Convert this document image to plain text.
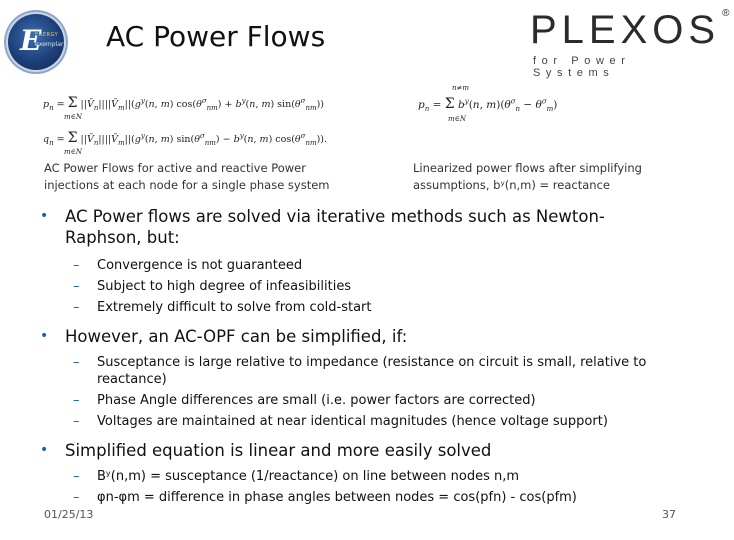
E
ENERGY
exemplar AC Power Flows	PLEXOS ®
for Power Systems
$p_n = \Sigma$ $||V̄_n||||V̄_m||(g^y(n$, m) $\cos(\theta^\sigma_{nm}) + b^y(n$, m) $\sin(\theta^\sigma_{nm})$)
m∈N
$q_n = \Sigma$ $||V̄_n||||V̄_m||(g^y(n$, m) $\sin(\theta^\sigma_{nm}) - b^y(n$, m) $\cos(\theta^\sigma_{nm})$).
m∈N
n≠m
$p_n = \Sigma$ $b^y(n$, $m)(\theta^\sigma_n - \theta^\sigma_m)$
m∈N
AC Power Flows for active and reactive Power injections at each node for a single phase system
Linearized power flows after simplifying assumptions, bʸ(n,m) = reactance
• AC Power flows are solved via iterative methods such as Newton-Raphson, but:
– Convergence is not guaranteed
– Subject to high degree of infeasibilities
– Extremely difficult to solve from cold-start
• However, an AC-OPF can be simplified, if:
– Susceptance is large relative to impedance (resistance on circuit is small, relative to reactance)
– Phase Angle differences are small (i.e. power factors are corrected)
– Voltages are maintained at near identical magnitudes (hence voltage support)
• Simplified equation is linear and more easily solved
– Bʸ(n,m) = susceptance (1/reactance) on line between nodes n,m
– φn-φm = difference in phase angles between nodes = cos(pfn) - cos(pfm)
01/25/13	37
